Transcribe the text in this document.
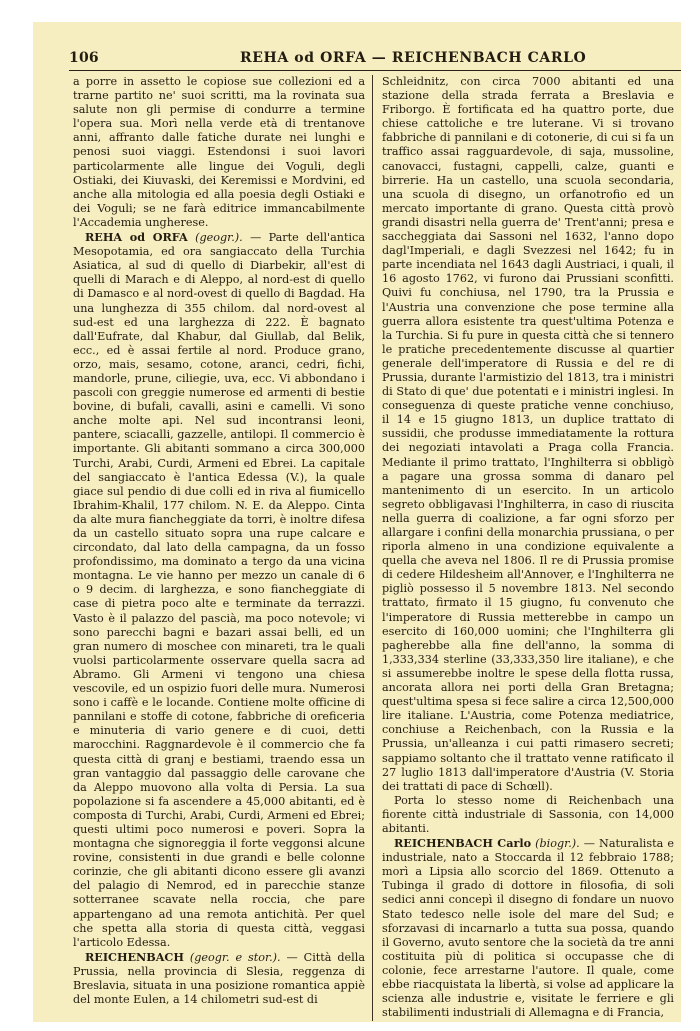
106	REHA od ORFA — REICHENBACH CARLO

a porre in assetto le copiose sue collezioni ed a trarne partito ne' suoi scritti, ma la rovinata sua salute non gli permise di condurre a termine l'opera sua. Morì nella verde età di trentanove anni, affranto dalle fatiche durate nei lunghi e penosi suoi viaggi. Estendonsi i suoi lavori particolarmente alle lingue dei Voguli, degli Ostiaki, dei Kiuvaski, dei Keremissi e Mordvini, ed anche alla mitologia ed alla poesia degli Ostiaki e dei Voguli; se ne farà editrice immancabilmente l'Accademia ungherese.

REHA od ORFA (geogr.). — Parte dell'antica Mesopotamia, ed ora sangiaccato della Turchia Asiatica, al sud di quello di Diarbekir, all'est di quelli di Marach e di Aleppo, al nord-est di quello di Damasco e al nord-ovest di quello di Bagdad. Ha una lunghezza di 355 chilom. dal nord-ovest al sud-est ed una larghezza di 222. È bagnato dall'Eufrate, dal Khabur, dal Giullab, dal Belik, ecc., ed è assai fertile al nord. Produce grano, orzo, mais, sesamo, cotone, aranci, cedri, fichi, mandorle, prune, ciliegie, uva, ecc. Vi abbondano i pascoli con greggie numerose ed armenti di bestie bovine, di bufali, cavalli, asini e camelli. Vi sono anche molte api. Nel sud incontransi leoni, pantere, sciacalli, gazzelle, antilopi. Il commercio è importante. Gli abitanti sommano a circa 300,000 Turchi, Arabi, Curdi, Armeni ed Ebrei. La capitale del sangiaccato è l'antica Edessa (V.), la quale giace sul pendio di due colli ed in riva al fiumicello Ibrahim-Khalil, 177 chilom. N. E. da Aleppo. Cinta da alte mura fiancheggiate da torri, è inoltre difesa da un castello situato sopra una rupe calcare e circondato, dal lato della campagna, da un fosso profondissimo, ma dominato a tergo da una vicina montagna. Le vie hanno per mezzo un canale di 6 o 9 decim. di larghezza, e sono fiancheggiate di case di pietra poco alte e terminate da terrazzi. Vasto è il palazzo del pascià, ma poco notevole; vi sono parecchi bagni e bazari assai belli, ed un gran numero di moschee con minareti, tra le quali vuolsi particolarmente osservare quella sacra ad Abramo. Gli Armeni vi tengono una chiesa vescovile, ed un ospizio fuori delle mura. Numerosi sono i caffè e le locande. Contiene molte officine di pannilani e stoffe di cotone, fabbriche di oreficeria e minuteria di vario genere e di cuoi, detti marocchini. Raggnardevole è il commercio che fa questa città di granj e bestiami, traendo essa un gran vantaggio dal passaggio delle carovane che da Aleppo muovono alla volta di Persia. La sua popolazione si fa ascendere a 45,000 abitanti, ed è composta di Turchi, Arabi, Curdi, Armeni ed Ebrei; questi ultimi poco numerosi e poveri. Sopra la montagna che signoreggia il forte veggonsi alcune rovine, consistenti in due grandi e belle colonne corinzie, che gli abitanti dicono essere gli avanzi del palagio di Nemrod, ed in parecchie stanze sotterranee scavate nella roccia, che pare appartengano ad una remota antichità. Per quel che spetta alla storia di questa città, veggasi l'articolo Edessa.

REICHENBACH (geogr. e stor.). — Città della Prussia, nella provincia di Slesia, reggenza di Breslavia, situata in una posizione romantica appiè del monte Eulen, a 14 chilometri sud-est di

Schleidnitz, con circa 7000 abitanti ed una stazione della strada ferrata a Breslavia e Friborgo. È fortificata ed ha quattro porte, due chiese cattoliche e tre luterane. Vi si trovano fabbriche di pannilani e di cotonerie, di cui si fa un traffico assai ragguardevole, di saja, mussoline, canovacci, fustagni, cappelli, calze, guanti e birrerie. Ha un castello, una scuola secondaria, una scuola di disegno, un orfanotrofio ed un mercato importante di grano. Questa città provò grandi disastri nella guerra de' Trent'anni; presa e saccheggiata dai Sassoni nel 1632, l'anno dopo dagl'Imperiali, e dagli Svezzesi nel 1642; fu in parte incendiata nel 1643 dagli Austriaci, i quali, il 16 agosto 1762, vi furono dai Prussiani sconfitti. Quivi fu conchiusa, nel 1790, tra la Prussia e l'Austria una convenzione che pose termine alla guerra allora esistente tra quest'ultima Potenza e la Turchia. Si fu pure in questa città che si tennero le pratiche precedentemente discusse al quartier generale dell'imperatore di Russia e del re di Prussia, durante l'armistizio del 1813, tra i ministri di Stato di que' due potentati e i ministri inglesi. In conseguenza di queste pratiche venne conchiuso, il 14 e 15 giugno 1813, un duplice trattato di sussidii, che produsse immediatamente la rottura dei negoziati intavolati a Praga colla Francia. Mediante il primo trattato, l'Inghilterra si obbligò a pagare una grossa somma di danaro pel mantenimento di un esercito. In un articolo segreto obbligavasi l'Inghilterra, in caso di riuscita nella guerra di coalizione, a far ogni sforzo per allargare i confini della monarchia prussiana, o per riporla almeno in una condizione equivalente a quella che aveva nel 1806. Il re di Prussia promise di cedere Hildesheim all'Annover, e l'Inghilterra ne pigliò possesso il 5 novembre 1813. Nel secondo trattato, firmato il 15 giugno, fu convenuto che l'imperatore di Russia metterebbe in campo un esercito di 160,000 uomini; che l'Inghilterra gli pagherebbe alla fine dell'anno, la somma di 1,333,334 sterline (33,333,350 lire italiane), e che si assumerebbe inoltre le spese della flotta russa, ancorata allora nei porti della Gran Bretagna; quest'ultima spesa si fece salire a circa 12,500,000 lire italiane. L'Austria, come Potenza mediatrice, conchiuse a Reichenbach, con la Russia e la Prussia, un'alleanza i cui patti rimasero secreti; sappiamo soltanto che il trattato venne ratificato il 27 luglio 1813 dall'imperatore d'Austria (V. Storia dei trattati di pace di Schœll).

Porta lo stesso nome di Reichenbach una fiorente città industriale di Sassonia, con 14,000 abitanti.

REICHENBACH Carlo (biogr.). — Naturalista e industriale, nato a Stoccarda il 12 febbraio 1788; morì a Lipsia allo scorcio del 1869. Ottenuto a Tubinga il grado di dottore in filosofia, di soli sedici anni concepì il disegno di fondare un nuovo Stato tedesco nelle isole del mare del Sud; e sforzavasi di incarnarlo a tutta sua possa, quando il Governo, avuto sentore che la società da tre anni costituita più di politica si occupasse che di colonie, fece arrestarne l'autore. Il quale, come ebbe riacquistata la libertà, si volse ad applicare la scienza alle industrie e, visitate le ferriere e gli stabilimenti industriali di Allemagna e di Francia,
